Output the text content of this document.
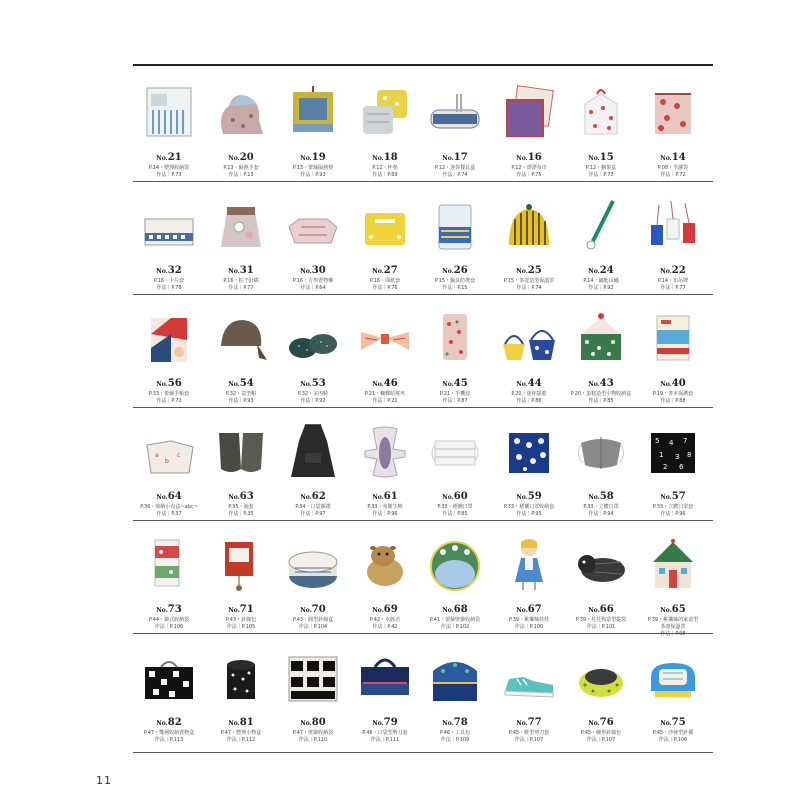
No.21
P.14・整理收納袋
作法｜P.73
No.20
P.13・隔熱手套
作法｜P.13
No.19
P.13・蕾絲隔熱墊
作法｜P.93
No.18
P.12・杯墊
作法｜P.69
No.17
P.12・迷你餐具盒
作法｜P.74
No.16
P.12・漂漂布巾
作法｜P.75
No.15
P.12・糖果盒
作法｜P.73
No.14
P.08・萃濾袋
作法｜P.72
No.32
P.16・卡片套
作法｜P.78
No.31
P.16・粽子針插
作法｜P.77
No.30
P.16・方形置物盤
作法｜P.64
No.27
P.16・面紙套
作法｜P.76
No.26
P.15・鍋具防燙套
作法｜P.15
No.25
P.15・茶壺造型保溫罩
作法｜P.74
No.24
P.14・鑰匙吊繩
作法｜P.92
No.22
P.14・布吊牌
作法｜P.77
No.56
P.33・蕾爾手帳套
作法｜P.72
No.54
P.32・造型帽
作法｜P.93
No.53
P.32・室內鞋
作法｜P.92
No.46
P.21・蝴蝶結髮夾
作法｜P.21
No.45
P.21・手機套
作法｜P.87
No.44
P.20・迷你提籃
作法｜P.86
No.43
P.20・蛋糕造型小物收納盒
作法｜P.85
No.40
P.19・書本保護套
作法｜P.88
a
b
c
No.64
P.36・收納小布盒~abc~
作法｜P.37
No.63
P.35・袖套
作法｜P.35
No.62
P.34・口袋圍裙
作法｜P.97
No.61
P.33・布衛生棉
作法｜P.96
No.60
P.33・褶襉口罩
作法｜P.85
No.59
P.33・褶襉口罩收納套
作法｜P.95
No.58
P.33・立體口罩
作法｜P.94
5 4 7
1 3 8
2 6
No.57
P.33・立體口罩套
作法｜P.96
No.73
P.44・掛式收納袋
作法｜P.106
No.71
P.43・針線包
作法｜P.105
No.70
P.43・圓型針線盒
作法｜P.104
No.69
P.42・水豚君
作法｜P.42
No.68
P.41・蕾絲壁掛收納袋
作法｜P.102
No.67
P.39・桃樂絲娃娃
作法｜P.100
No.66
P.39・托托狗造型提袋
作法｜P.101
No.65
P.39・桃樂絲的家造型
茶壺保溫罩
作法｜P.98
No.82
P.47・雙層收納置物盒
作法｜P.113
No.81
P.47・整理小物盒
作法｜P.112
No.80
P.47・壁掛收納袋
作法｜P.110
No.79
P.46・口袋型剪刀套
作法｜P.111
No.78
P.46・工具包
作法｜P.109
No.77
P.45・鞋型剪刀套
作法｜P.107
No.76
P.45・碗形針線包
作法｜P.107
No.75
P.45・沙發型針插
作法｜P.106
11
